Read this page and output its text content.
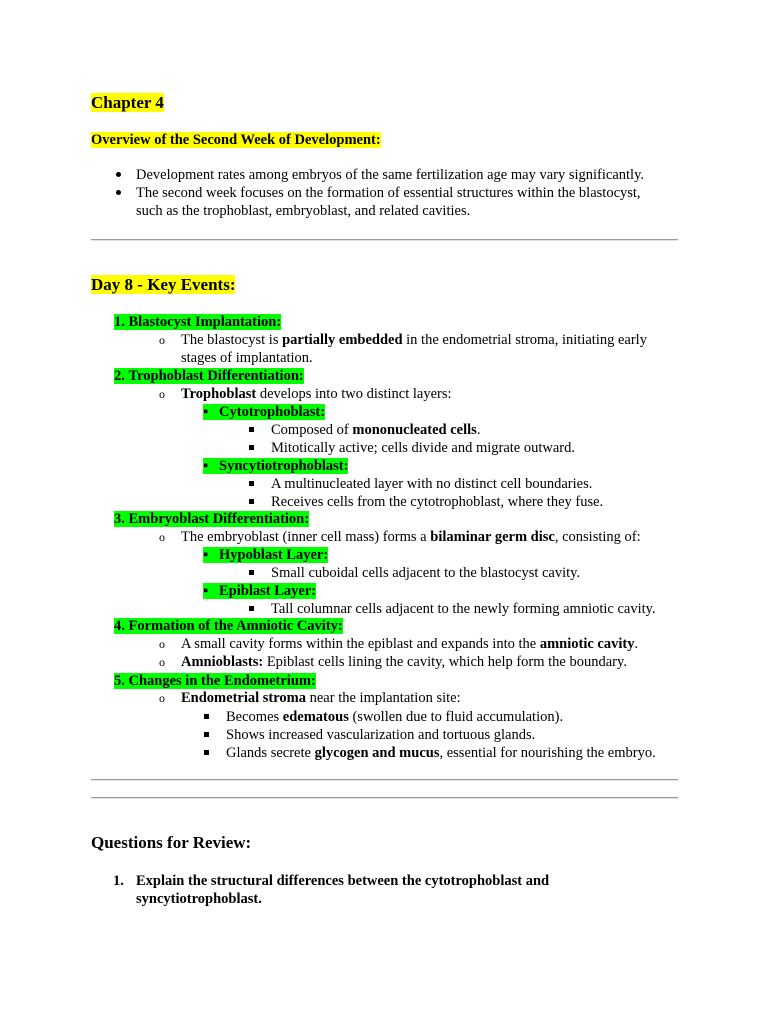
Chapter 4
Overview of the Second Week of Development:
Development rates among embryos of the same fertilization age may vary significantly.
The second week focuses on the formation of essential structures within the blastocyst,
such as the trophoblast, embryoblast, and related cavities.
Day 8 - Key Events:
1. Blastocyst Implantation:
o The blastocyst is partially embedded in the endometrial stroma, initiating early
stages of implantation.
2. Trophoblast Differentiation:
o Trophoblast develops into two distinct layers:
▪   Cytotrophoblast:
Composed of mononucleated cells.
Mitotically active; cells divide and migrate outward.
▪   Syncytiotrophoblast:
A multinucleated layer with no distinct cell boundaries.
Receives cells from the cytotrophoblast, where they fuse.
3. Embryoblast Differentiation:
o The embryoblast (inner cell mass) forms a bilaminar germ disc, consisting of:
▪   Hypoblast Layer:
Small cuboidal cells adjacent to the blastocyst cavity.
▪   Epiblast Layer:
Tall columnar cells adjacent to the newly forming amniotic cavity.
4. Formation of the Amniotic Cavity:
o A small cavity forms within the epiblast and expands into the amniotic cavity.
o Amnioblasts: Epiblast cells lining the cavity, which help form the boundary.
5. Changes in the Endometrium:
o Endometrial stroma near the implantation site:
Becomes edematous (swollen due to fluid accumulation).
Shows increased vascularization and tortuous glands.
Glands secrete glycogen and mucus, essential for nourishing the embryo.
Questions for Review:
1. Explain the structural differences between the cytotrophoblast and
syncytiotrophoblast.
